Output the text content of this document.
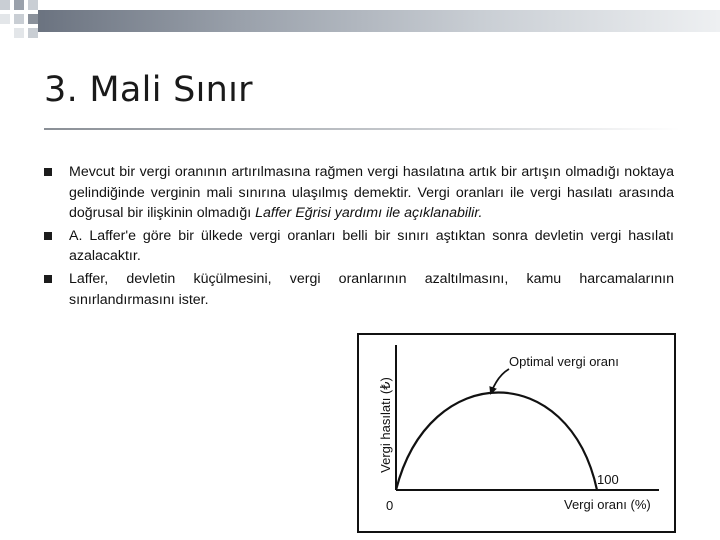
3. Mali Sınır
Mevcut bir vergi oranının artırılmasına rağmen vergi hasılatına artık bir artışın olmadığı noktaya gelindiğinde verginin mali sınırına ulaşılmış demektir. Vergi oranları ile vergi hasılatı arasında doğrusal bir ilişkinin olmadığı Laffer Eğrisi yardımı ile açıklanabilir.
A. Laffer'e göre bir ülkede vergi oranları belli bir sınırı aştıktan sonra devletin vergi hasılatı azalacaktır.
Laffer, devletin küçülmesini, vergi oranlarının azaltılmasını, kamu harcamalarının sınırlandırmasını ister.
Vergi hasılatı (₺)
Optimal vergi oranı
100
0	Vergi oranı (%)
